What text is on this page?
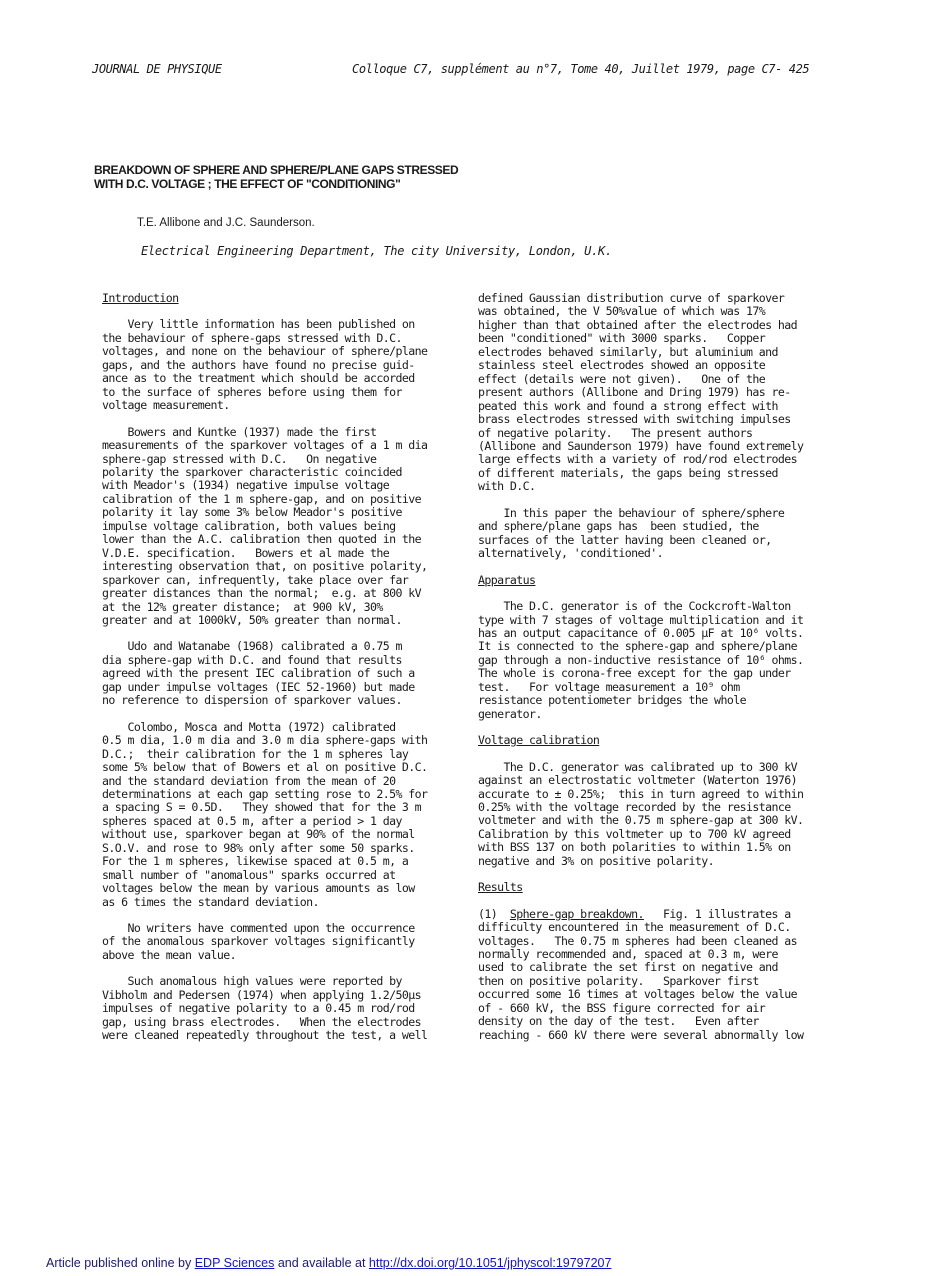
JOURNAL DE PHYSIQUE	Colloque C7, supplément au n°7, Tome 40, Juillet 1979, page C7- 425
BREAKDOWN OF SPHERE AND SPHERE/PLANE GAPS STRESSED
WITH D.C. VOLTAGE ; THE EFFECT OF "CONDITIONING"
T.E. Allibone and J.C. Saunderson.
Electrical Engineering Department, The city University, London, U.K.

Introduction

Very little information has been published on
the behaviour of sphere-gaps stressed with D.C.
voltages, and none on the behaviour of sphere/plane
gaps, and the authors have found no precise guid-
ance as to the treatment which should be accorded
to the surface of spheres before using them for
voltage measurement.

Bowers and Kuntke (1937) made the first
measurements of the sparkover voltages of a 1 m dia
sphere-gap stressed with D.C.   On negative
polarity the sparkover characteristic coincided
with Meador's (1934) negative impulse voltage
calibration of the 1 m sphere-gap, and on positive
polarity it lay some 3% below Meador's positive
impulse voltage calibration, both values being
lower than the A.C. calibration then quoted in the
V.D.E. specification.   Bowers et al made the
interesting observation that, on positive polarity,
sparkover can, infrequently, take place over far
greater distances than the normal;  e.g. at 800 kV
at the 12% greater distance;  at 900 kV, 30%
greater and at 1000kV, 50% greater than normal.

Udo and Watanabe (1968) calibrated a 0.75 m
dia sphere-gap with D.C. and found that results
agreed with the present IEC calibration of such a
gap under impulse voltages (IEC 52-1960) but made
no reference to dispersion of sparkover values.

Colombo, Mosca and Motta (1972) calibrated
0.5 m dia, 1.0 m dia and 3.0 m dia sphere-gaps with
D.C.;  their calibration for the 1 m spheres lay
some 5% below that of Bowers et al on positive D.C.
and the standard deviation from the mean of 20
determinations at each gap setting rose to 2.5% for
a spacing S = 0.5D.   They showed that for the 3 m
spheres spaced at 0.5 m, after a period > 1 day
without use, sparkover began at 90% of the normal
S.O.V. and rose to 98% only after some 50 sparks.
For the 1 m spheres, likewise spaced at 0.5 m, a
small number of "anomalous" sparks occurred at
voltages below the mean by various amounts as low
as 6 times the standard deviation.

No writers have commented upon the occurrence
of the anomalous sparkover voltages significantly
above the mean value.

Such anomalous high values were reported by
Vibholm and Pedersen (1974) when applying 1.2/50µs
impulses of negative polarity to a 0.45 m rod/rod
gap, using brass electrodes.   When the electrodes
were cleaned repeatedly throughout the test, a well

defined Gaussian distribution curve of sparkover
was obtained, the V 50%value of which was 17%
higher than that obtained after the electrodes had
been "conditioned" with 3000 sparks.   Copper
electrodes behaved similarly, but aluminium and
stainless steel electrodes showed an opposite
effect (details were not given).   One of the
present authors (Allibone and Dring 1979) has re-
peated this work and found a strong effect with
brass electrodes stressed with switching impulses
of negative polarity.   The present authors
(Allibone and Saunderson 1979) have found extremely
large effects with a variety of rod/rod electrodes
of different materials, the gaps being stressed
with D.C.

In this paper the behaviour of sphere/sphere
and sphere/plane gaps has  been studied, the
surfaces of the latter having been cleaned or,
alternatively, 'conditioned'.

Apparatus

The D.C. generator is of the Cockcroft-Walton
type with 7 stages of voltage multiplication and it
has an output capacitance of 0.005 µF at 10⁶ volts.
It is connected to the sphere-gap and sphere/plane
gap through a non-inductive resistance of 10⁶ ohms.
The whole is corona-free except for the gap under
test.   For voltage measurement a 10⁹ ohm
resistance potentiometer bridges the whole
generator.

Voltage calibration

The D.C. generator was calibrated up to 300 kV
against an electrostatic voltmeter (Waterton 1976)
accurate to ± 0.25%;  this in turn agreed to within
0.25% with the voltage recorded by the resistance
voltmeter and with the 0.75 m sphere-gap at 300 kV.
Calibration by this voltmeter up to 700 kV agreed
with BSS 137 on both polarities to within 1.5% on
negative and 3% on positive polarity.

Results

(1)  Sphere-gap breakdown.   Fig. 1 illustrates a
difficulty encountered in the measurement of D.C.
voltages.   The 0.75 m spheres had been cleaned as
normally recommended and, spaced at 0.3 m, were
used to calibrate the set first on negative and
then on positive polarity.   Sparkover first
occurred some 16 times at voltages below the value
of - 660 kV, the BSS figure corrected for air
density on the day of the test.   Even after
reaching - 660 kV there were several abnormally low

Article published online by EDP Sciences and available at http://dx.doi.org/10.1051/jphyscol:19797207
